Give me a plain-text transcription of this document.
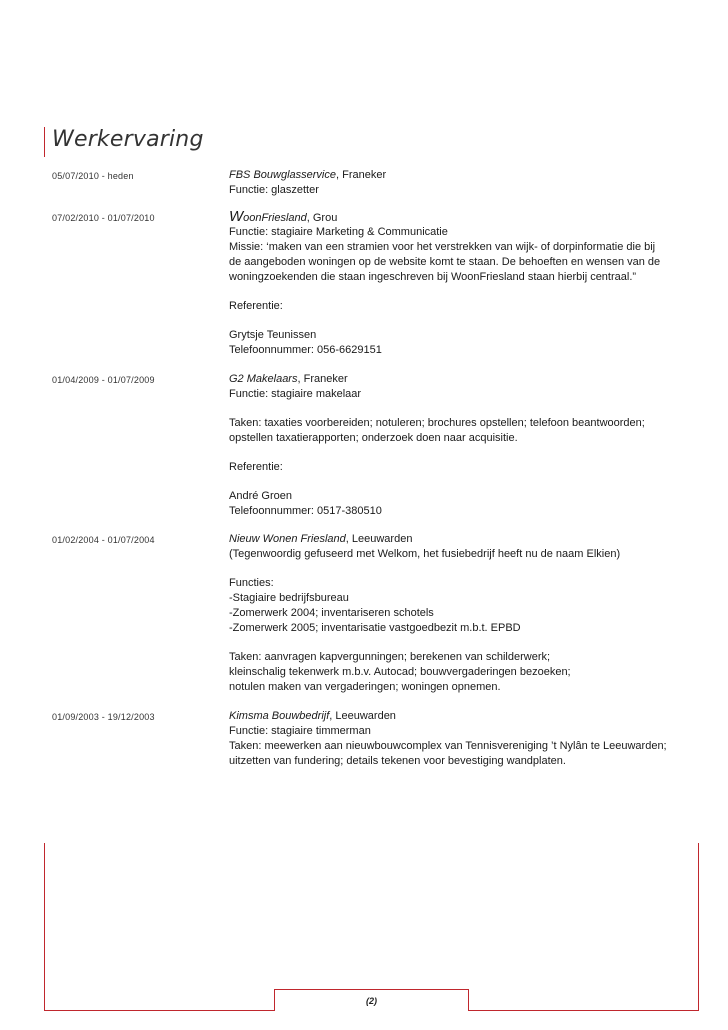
Werkervaring
05/07/2010 - heden	FBS Bouwglasservice, Franeker
Functie: glaszetter
07/02/2010 - 01/07/2010	WoonFriesland, Grou
Functie: stagiaire Marketing & Communicatie
Missie: ‘maken van een stramien voor het verstrekken van wijk- of dorpinformatie die bij
de aangeboden woningen op de website komt te staan. De behoeften en wensen van de
woningzoekenden die staan ingeschreven bij WoonFriesland staan hierbij centraal.”
Referentie:
Grytsje Teunissen
Telefoonnummer: 056-6629151
01/04/2009 - 01/07/2009	G2 Makelaars, Franeker
Functie: stagiaire makelaar
Taken: taxaties voorbereiden; notuleren; brochures opstellen; telefoon beantwoorden;
opstellen taxatierapporten; onderzoek doen naar acquisitie.
Referentie:
André Groen
Telefoonnummer: 0517-380510
01/02/2004 - 01/07/2004	Nieuw Wonen Friesland, Leeuwarden
(Tegenwoordig gefuseerd met Welkom, het fusiebedrijf heeft nu de naam Elkien)
Functies:
-Stagiaire bedrijfsbureau
-Zomerwerk 2004; inventariseren schotels
-Zomerwerk 2005; inventarisatie vastgoedbezit m.b.t. EPBD
Taken: aanvragen kapvergunningen; berekenen van schilderwerk;
kleinschalig tekenwerk m.b.v. Autocad; bouwvergaderingen bezoeken;
notulen maken van vergaderingen; woningen opnemen.
01/09/2003 - 19/12/2003	Kimsma Bouwbedrijf, Leeuwarden
Functie: stagiaire timmerman
Taken: meewerken aan nieuwbouwcomplex van Tennisvereniging ’t Nylân te Leeuwarden;
uitzetten van fundering; details tekenen voor bevestiging wandplaten.
(2)
